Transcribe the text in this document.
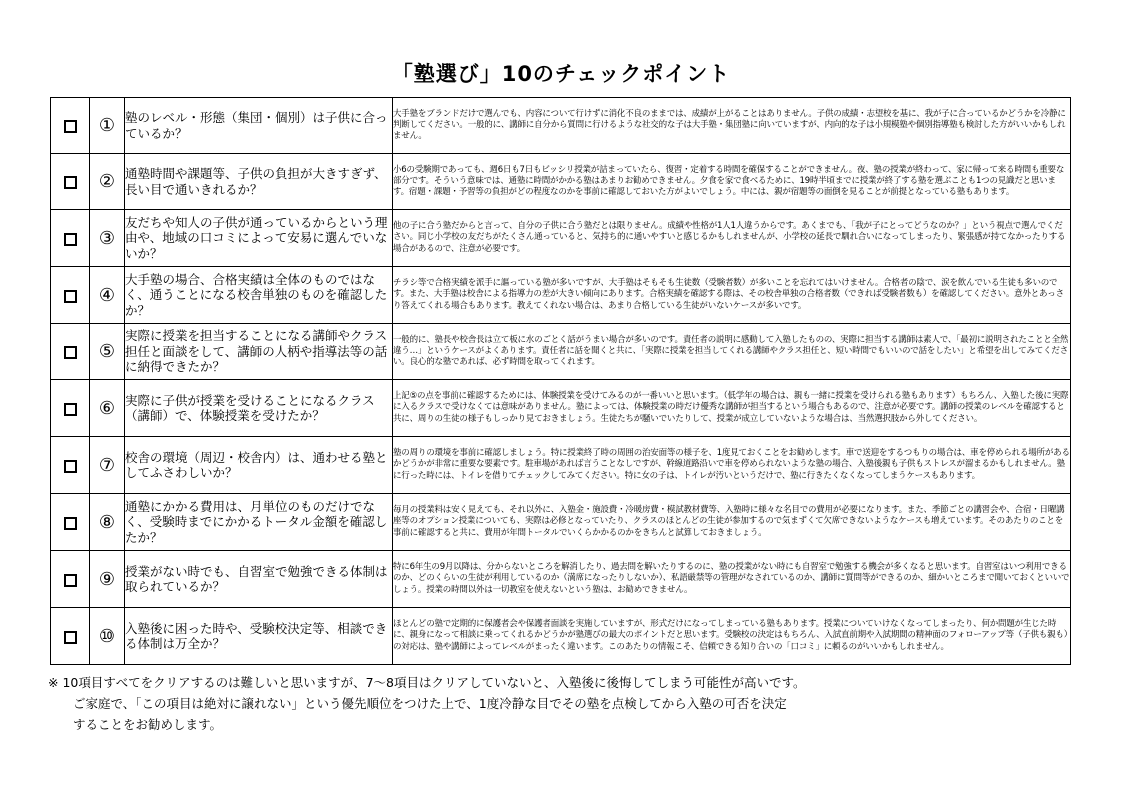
「塾選び」10のチェックポイント
	①	塾のレベル・形態（集団・個別）は子供に合っているか？	大手塾をブランドだけで選んでも、内容について行けずに消化不良のままでは、成績が上がることはありません。子供の成績・志望校を基に、我が子に合っているかどうかを冷静に判断してください。一般的に、講師に自分から質問に行けるような社交的な子は大手塾・集団塾に向いていますが、内向的な子は小規模塾や個別指導塾も検討した方がいいかもしれません。

	②	通塾時間や課題等、子供の負担が大きすぎず、長い目で通いきれるか？	小6の受験期であっても、週6日も7日もビッシリ授業が詰まっていたら、復習・定着する時間を確保することができません。夜、塾の授業が終わって、家に帰って来る時間も重要な部分です。そういう意味では、通塾に時間がかかる塾はあまりお勧めできません。夕食を家で食べるために、19時半頃までに授業が終了する塾を選ぶことも1つの見識だと思います。宿題・課題・予習等の負担がどの程度なのかを事前に確認しておいた方がよいでしょう。中には、親が宿題等の面倒を見ることが前提となっている塾もあります。

	③	友だちや知人の子供が通っているからという理由や、地域の口コミによって安易に選んでいないか？	他の子に合う塾だからと言って、自分の子供に合う塾だとは限りません。成績や性格が1人1人違うからです。あくまでも、「我が子にとってどうなのか？」という視点で選んでください。同じ小学校の友だちがたくさん通っていると、気持ち的に通いやすいと感じるかもしれませんが、小学校の延長で馴れ合いになってしまったり、緊張感が持てなかったりする場合があるので、注意が必要です。

	④	大手塾の場合、合格実績は全体のものではなく、通うことになる校舎単独のものを確認したか？	チラシ等で合格実績を派手に謳っている塾が多いですが、大手塾はそもそも生徒数（受験者数）が多いことを忘れてはいけません。合格者の陰で、涙を飲んでいる生徒も多いのです。また、大手塾は校舎による指導力の差が大きい傾向にあります。合格実績を確認する際は、その校舎単独の合格者数（できれば受験者数も）を確認してください。意外とあっさり答えてくれる場合もあります。教えてくれない場合は、あまり合格している生徒がいないケースが多いです。

	⑤	実際に授業を担当することになる講師やクラス担任と面談をして、講師の人柄や指導法等の話に納得できたか？	一般的に、塾長や校舎長は立て板に水のごとく話がうまい場合が多いのです。責任者の説明に感動して入塾したものの、実際に担当する講師は素人で、「最初に説明されたことと全然違う…」というケースがよくあります。責任者に話を聞くと共に、「実際に授業を担当してくれる講師やクラス担任と、短い時間でもいいので話をしたい」と希望を出してみてください。良心的な塾であれば、必ず時間を取ってくれます。

	⑥	実際に子供が授業を受けることになるクラス（講師）で、体験授業を受けたか？	上記⑤の点を事前に確認するためには、体験授業を受けてみるのが一番いいと思います。（低学年の場合は、親も一緒に授業を受けられる塾もあります）もちろん、入塾した後に実際に入るクラスで受けなくては意味がありません。塾によっては、体験授業の時だけ優秀な講師が担当するという場合もあるので、注意が必要です。講師の授業のレベルを確認すると共に、周りの生徒の様子もしっかり見ておきましょう。生徒たちが騒いでいたりして、授業が成立していないような場合は、当然選択肢から外してください。

	⑦	校舎の環境（周辺・校舎内）は、通わせる塾としてふさわしいか？	塾の周りの環境を事前に確認しましょう。特に授業終了時の周囲の治安面等の様子を、1度見ておくことをお勧めします。車で送迎をするつもりの場合は、車を停められる場所があるかどうかが非常に重要な要素です。駐車場があれば言うことなしですが、幹線道路沿いで車を停められないような塾の場合、入塾後親も子供もストレスが溜まるかもしれません。塾に行った時には、トイレを借りてチェックしてみてください。特に女の子は、トイレが汚いというだけで、塾に行きたくなくなってしまうケースもあります。

	⑧	通塾にかかる費用は、月単位のものだけでなく、受験時までにかかるトータル金額を確認したか？	毎月の授業料は安く見えても、それ以外に、入塾金・施設費・冷暖房費・模試教材費等、入塾時に様々な名目での費用が必要になります。また、季節ごとの講習会や、合宿・日曜講座等のオプション授業についても、実際は必修となっていたり、クラスのほとんどの生徒が参加するので気まずくて欠席できないようなケースも増えています。そのあたりのことを事前に確認すると共に、費用が年間トータルでいくらかかるのかをきちんと試算しておきましょう。

	⑨	授業がない時でも、自習室で勉強できる体制は取られているか？	特に6年生の9月以降は、分からないところを解消したり、過去問を解いたりするのに、塾の授業がない時にも自習室で勉強する機会が多くなると思います。自習室はいつ利用できるのか、どのくらいの生徒が利用しているのか（満席になったりしないか）、私語厳禁等の管理がなされているのか、講師に質問等ができるのか、細かいところまで聞いておくといいでしょう。授業の時間以外は一切教室を使えないという塾は、お勧めできません。

	⑩	入塾後に困った時や、受験校決定等、相談できる体制は万全か？	ほとんどの塾で定期的に保護者会や保護者面談を実施していますが、形式だけになってしまっている塾もあります。授業についていけなくなってしまったり、何か問題が生じた時に、親身になって相談に乗ってくれるかどうかが塾選びの最大のポイントだと思います。受験校の決定はもちろん、入試直前期や入試期間の精神面のフォローアップ等（子供も親も）の対応は、塾や講師によってレベルがまったく違います。このあたりの情報こそ、信頼できる知り合いの「口コミ」に頼るのがいいかもしれません。
※ 10項目すべてをクリアするのは難しいと思いますが、7～8項目はクリアしていないと、入塾後に後悔してしまう可能性が高いです。
ご家庭で、「この項目は絶対に譲れない」という優先順位をつけた上で、1度冷静な目でその塾を点検してから入塾の可否を決定
することをお勧めします。
